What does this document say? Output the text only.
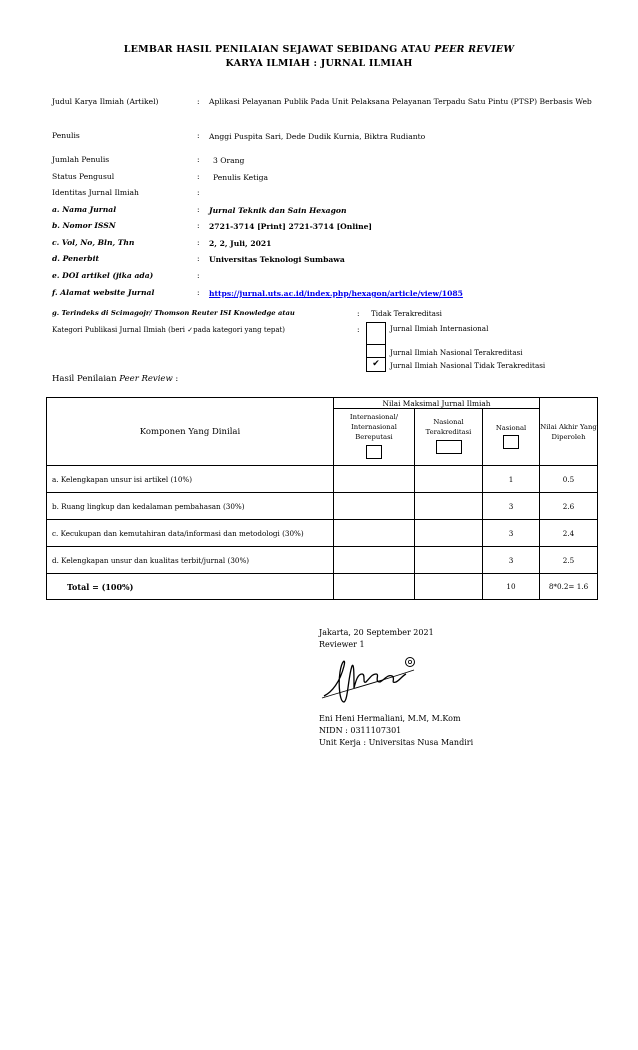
LEMBAR HASIL PENILAIAN SEJAWAT SEBIDANG ATAU PEER REVIEW
KARYA ILMIAH : JURNAL ILMIAH
Judul Karya Ilmiah (Artikel)	: Aplikasi Pelayanan Publik Pada Unit Pelaksana Pelayanan Terpadu Satu Pintu (PTSP) Berbasis Web
Penulis	: Anggi Puspita Sari, Dede Dudik Kurnia, Biktra Rudianto
Jumlah Penulis	: 3 Orang
Status Pengusul	: Penulis Ketiga
Identitas Jurnal Ilmiah	:
a. Nama Jurnal	: Jurnal Teknik dan Sain Hexagon
b. Nomor ISSN	: 2721-3714 [Print] 2721-3714 [Online]
c. Vol, No, Bln, Thn	: 2, 2, Juli, 2021
d. Penerbit	: Universitas Teknologi Sumbawa
e. DOI artikel (jika ada)	:
f. Alamat website Jurnal	: https://jurnal.uts.ac.id/index.php/hexagon/article/view/1085
g. Terindeks di Scimagojr/ Thomson Reuter ISI Knowledge atau	: Tidak Terakreditasi
Kategori Publikasi Jurnal Ilmiah (beri ✓pada kategori yang tepat)	:
✔
Jurnal Ilmiah Internasional
Jurnal Ilmiah Nasional Terakreditasi
Jurnal Ilmiah Nasional Tidak Terakreditasi
Hasil Penilaian Peer Review :
Komponen Yang Dinilai	Nilai Maksimal Jurnal Ilmiah			Nilai Akhir Yang Diperoleh

	Internasional/ Internasional Bereputasi	Nasional Terakreditasi	Nasional	

a. Kelengkapan unsur isi artikel (10%)			1	0.5
b. Ruang lingkup dan kedalaman pembahasan (30%)			3	2.6
c. Kecukupan dan kemutahiran data/informasi dan metodologi (30%)			3	2.4
d. Kelengkapan unsur dan kualitas terbit/jurnal (30%)			3	2.5
Total = (100%)			10	8*0.2= 1.6
Jakarta, 20 September 2021
Reviewer 1
Eni Heni Hermaliani, M.M, M.Kom
NIDN : 0311107301
Unit Kerja : Universitas Nusa Mandiri
